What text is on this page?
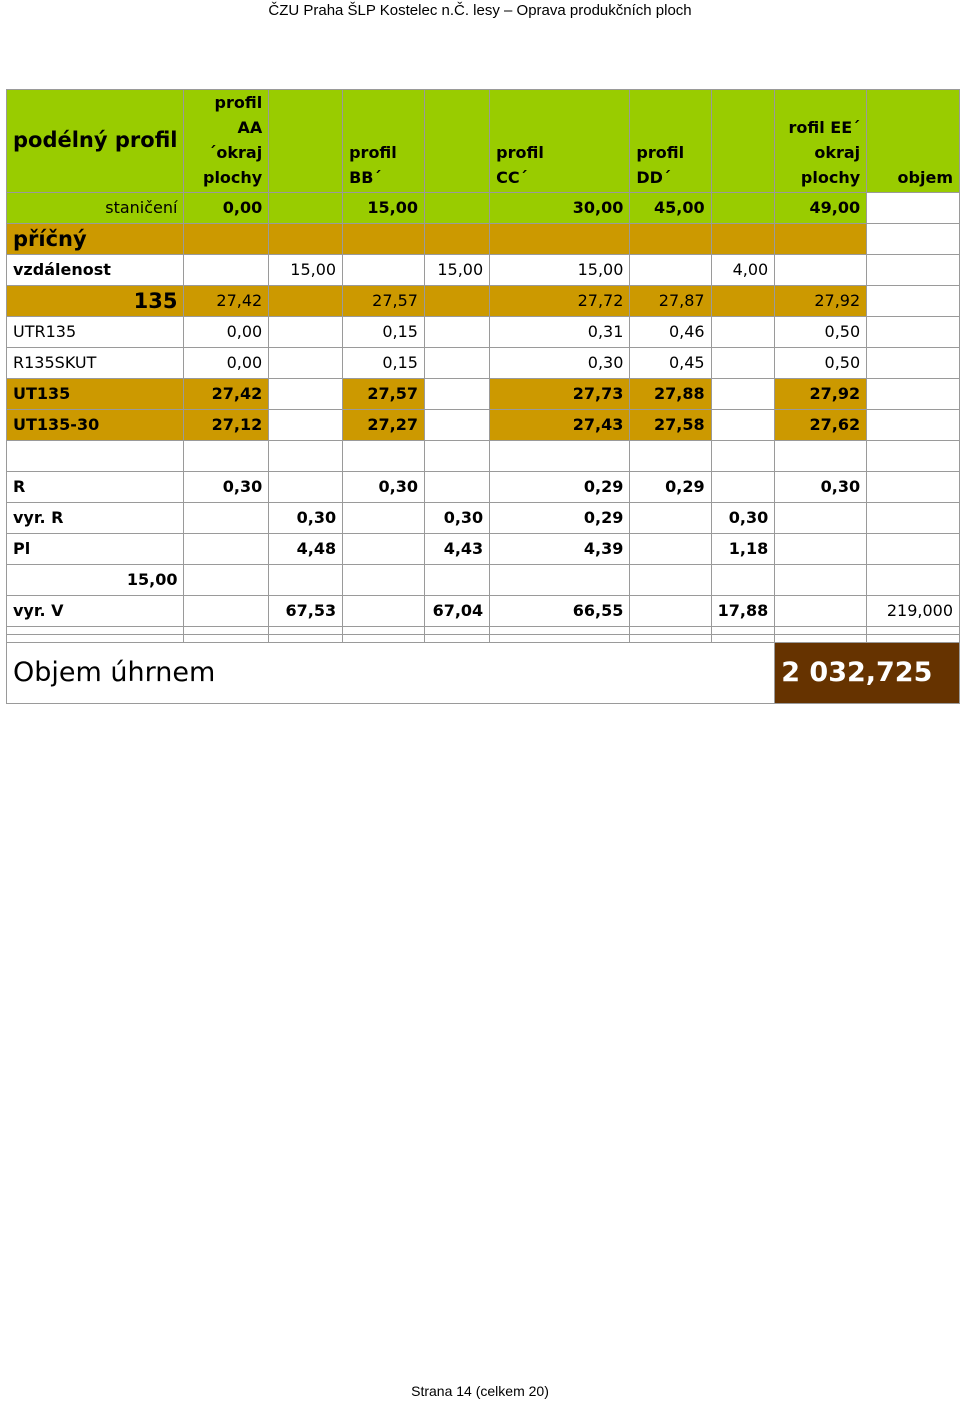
ČZU Praha ŠLP Kostelec n.Č. lesy – Oprava produkčních ploch
podélný profil	profil AA´okraj plochy		profil BB´		profil CC´	profil DD´		rofil EE´ okraj plochy	objem
staničení	0,00		15,00		30,00	45,00		49,00	
příčný									
vzdálenost		15,00		15,00	15,00		4,00		
135	27,42		27,57		27,72	27,87		27,92	
UTR135	0,00		0,15		0,31	0,46		0,50	
R135SKUT	0,00		0,15		0,30	0,45		0,50	
UT135	27,42		27,57		27,73	27,88		27,92	
UT135-30	27,12		27,27		27,43	27,58		27,62	

R	0,30		0,30		0,29	0,29		0,30	
vyr. R		0,30		0,30	0,29		0,30		
Pl		4,48		4,43	4,39		1,18		
15,00									
vyr. V		67,53		67,04	66,55		17,88		219,000

Objem úhrnem								2 032,725	
Strana 14 (celkem 20)
